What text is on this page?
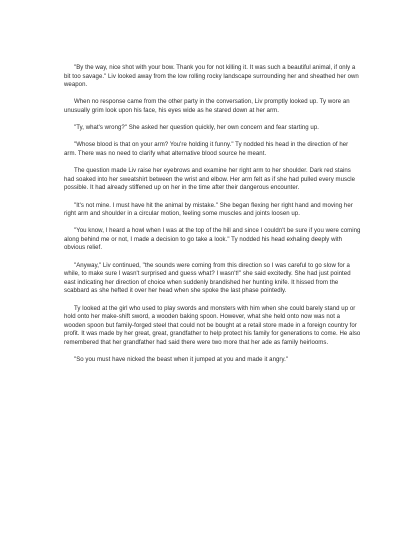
"By the way, nice shot with your bow. Thank you for not killing it. It was such a beautiful animal, if only a bit too savage." Liv looked away from the low rolling rocky landscape surrounding her and sheathed her own weapon.

When no response came from the other party in the conversation, Liv promptly looked up. Ty wore an unusually grim look upon his face, his eyes wide as he stared down at her arm.

"Ty, what's wrong?" She asked her question quickly, her own concern and fear starting up.

"Whose blood is that on your arm? You're holding it funny." Ty nodded his head in the direction of her arm. There was no need to clarify what alternative blood source he meant.

The question made Liv raise her eyebrows and examine her right arm to her shoulder. Dark red stains had soaked into her sweatshirt between the wrist and elbow. Her arm felt as if she had pulled every muscle possible. It had already stiffened up on her in the time after their dangerous encounter.

"It's not mine. I must have hit the animal by mistake." She began flexing her right hand and moving her right arm and shoulder in a circular motion, feeling some muscles and joints loosen up.

"You know, I heard a howl when I was at the top of the hill and since I couldn't be sure if you were coming along behind me or not, I made a decision to go take a look." Ty nodded his head exhaling deeply with obvious relief.

"Anyway," Liv continued, "the sounds were coming from this direction so I was careful to go slow for a while, to make sure I wasn't surprised and guess what? I wasn't!" she said excitedly. She had just pointed east indicating her direction of choice when suddenly brandished her hunting knife. It hissed from the scabbard as she hefted it over her head when she spoke the last phase pointedly.

Ty looked at the girl who used to play swords and monsters with him when she could barely stand up or hold onto her make-shift sword, a wooden baking spoon. However, what she held onto now was not a wooden spoon but family-forged steel that could not be bought at a retail store made in a foreign country for profit. It was made by her great, great, grandfather to help protect his family for generations to come. He also remembered that her grandfather had said there were two more that her ade as family heirlooms.

"So you must have nicked the beast when it jumped at you and made it angry."
